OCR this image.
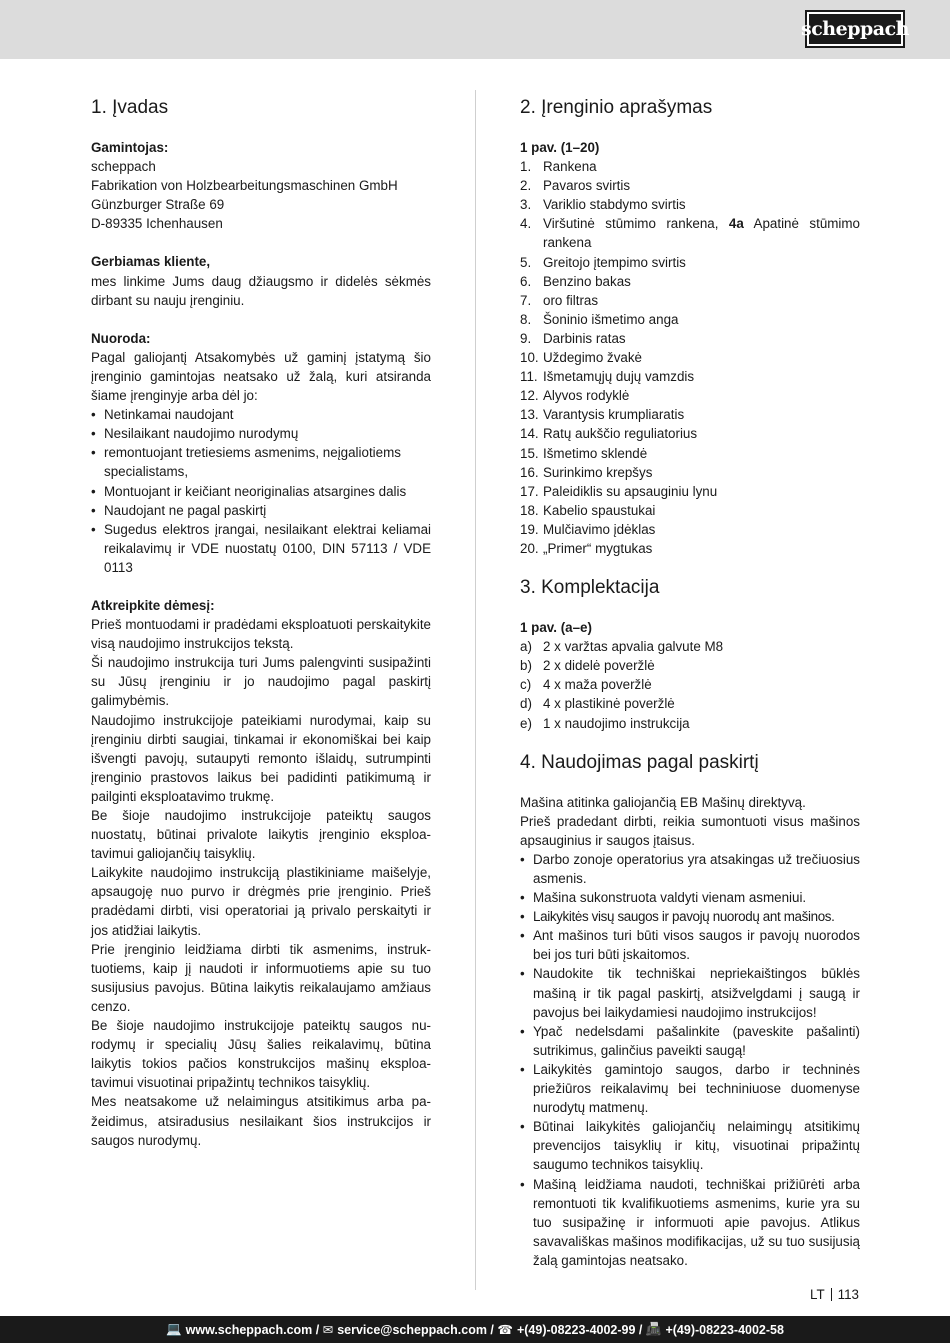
scheppach
1. Įvadas

Gamintojas:

scheppach

Fabrikation von Holzbearbeitungsmaschinen GmbH

Günzburger Straße 69

D-89335 Ichenhausen

Gerbiamas kliente,

mes linkime Jums daug džiaugsmo ir didelės sėkmės dirbant su nauju įrenginiu.

Nuoroda:

Pagal galiojantį Atsakomybės už gaminį įstatymą šio įrenginio gamintojas neatsako už žalą, kuri atsiranda šiame įrenginyje arba dėl jo:

• Netinkamai naudojant
• Nesilaikant naudojimo nurodymų
• remontuojant tretiesiems asmenims, neįgaliotiems specialistams,
• Montuojant ir keičiant neoriginalias atsargines dalis
• Naudojant ne pagal paskirtį
• Sugedus elektros įrangai, nesilaikant elektrai keliamai reikalavimų ir VDE nuostatų 0100, DIN 57113 / VDE 0113

Atkreipkite dėmesį:

Prieš montuodami ir pradėdami eksploatuoti perskaitykite visą naudojimo instrukcijos tekstą.

Ši naudojimo instrukcija turi Jums palengvinti susipažinti su Jūsų įrenginiu ir jo naudojimo pagal paskirtį galimybėmis.

Naudojimo instrukcijoje pateikiami nurodymai, kaip su įrenginiu dirbti saugiai, tinkamai ir ekonomiškai bei kaip išvengti pavojų, sutaupyti remonto išlaidų, sutrumpinti įrenginio prastovos laikus bei padidinti patikimumą ir pailginti eksploatavimo trukmę.

Be šioje naudojimo instrukcijoje pateiktų saugos nuostatų, būtinai privalote laikytis įrenginio eksploatavimui galiojančių taisyklių.

Laikykite naudojimo instrukciją plastikiniame maišelyje, apsaugoję nuo purvo ir drėgmės prie įrenginio. Prieš pradėdami dirbti, visi operatoriai ją privalo perskaityti ir jos atidžiai laikytis.

Prie įrenginio leidžiama dirbti tik asmenims, instruktuotiems, kaip jį naudoti ir informuotiems apie su tuo susijusius pavojus. Būtina laikytis reikalaujamo amžiaus cenzo.

Be šioje naudojimo instrukcijoje pateiktų saugos nurodymų ir specialių Jūsų šalies reikalavimų, būtina laikytis tokios pačios konstrukcijos mašinų eksploatavimui visuotinai pripažintų technikos taisyklių.

Mes neatsakome už nelaimingus atsitikimus arba pažeidimus, atsiradusius nesilaikant šios instrukcijos ir saugos nurodymų.

2. Įrenginio aprašymas

1 pav. (1–20)

1. Rankena
2. Pavaros svirtis
3. Variklio stabdymo svirtis
4. Viršutinė stūmimo rankena, 4a Apatinė stūmimo rankena
5. Greitojo įtempimo svirtis
6. Benzino bakas
7. oro filtras
8. Šoninio išmetimo anga
9. Darbinis ratas
10. Uždegimo žvakė
11. Išmetamųjų dujų vamzdis
12. Alyvos rodyklė
13. Varantysis krumpliaratis
14. Ratų aukščio reguliatorius
15. Išmetimo sklendė
16. Surinkimo krepšys
17. Paleidiklis su apsauginiu lynu
18. Kabelio spaustukai
19. Mulčiavimo įdėklas
20. „Primer“ mygtukas
3. Komplektacija

1 pav. (a–e)

a) 2 x varžtas apvalia galvute M8
b) 2 x didelė poveržlė
c) 4 x maža poveržlė
d) 4 x plastikinė poveržlė
e) 1 x naudojimo instrukcija
4. Naudojimas pagal paskirtį

Mašina atitinka galiojančią EB Mašinų direktyvą.

Prieš pradedant dirbti, reikia sumontuoti visus mašinos apsauginius ir saugos įtaisus.

• Darbo zonoje operatorius yra atsakingas už trečiuosius asmenis.
• Mašina sukonstruota valdyti vienam asmeniui.
• Laikykitės visų saugos ir pavojų nuorodų ant mašinos.
• Ant mašinos turi būti visos saugos ir pavojų nuorodos bei jos turi būti įskaitomos.
• Naudokite tik techniškai nepriekaištingos būklės mašiną ir tik pagal paskirtį, atsižvelgdami į saugą ir pavojus bei laikydamiesi naudojimo instrukcijos!
• Ypač nedelsdami pašalinkite (paveskite pašalinti) sutrikimus, galinčius paveikti saugą!
• Laikykitės gamintojo saugos, darbo ir techninės priežiūros reikalavimų bei techniniuose duomenyse nurodytų matmenų.
• Būtinai laikykitės galiojančių nelaimingų atsitikimų prevencijos taisyklių ir kitų, visuotinai pripažintų saugumo technikos taisyklių.
• Mašiną leidžiama naudoti, techniškai prižiūrėti arba remontuoti tik kvalifikuotiems asmenims, kurie yra su tuo susipažinę ir informuoti apie pavojus. Atlikus savavališkas mašinos modifikacijas, už su tuo susijusią žalą gamintojas neatsako.
LT 113
💻 www.scheppach.com / ✉ service@scheppach.com / ☎ +(49)-08223-4002-99 / 📠 +(49)-08223-4002-58
